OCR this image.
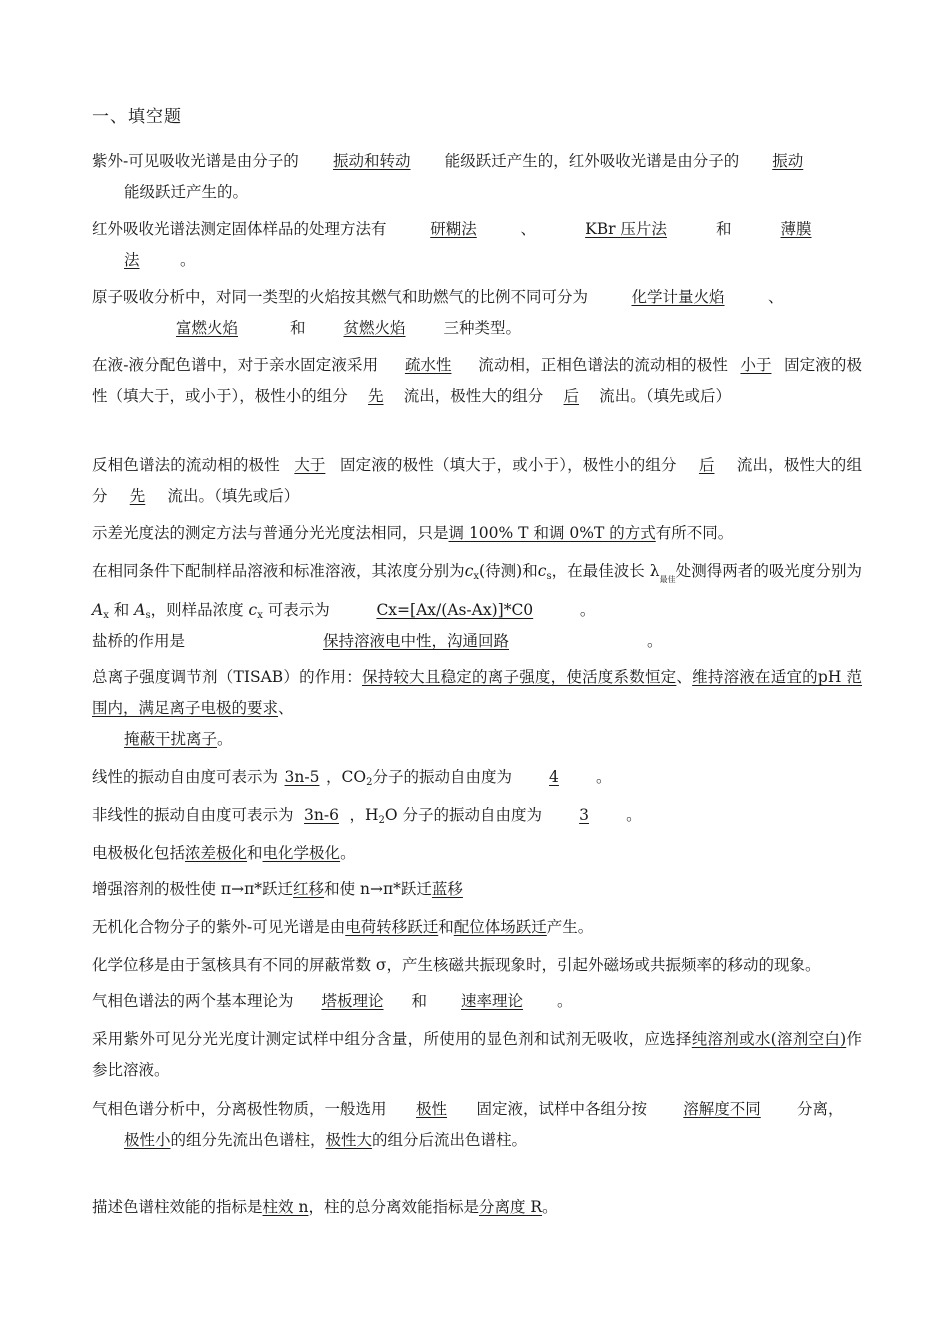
一、填空题
紫外-可见吸收光谱是由分子的 振动和转动 能级跃迁产生的，红外吸收光谱是由分子的 振动
能级跃迁产生的。
红外吸收光谱法测定固体样品的处理方法有	研糊法	、	KBr 压片法	和	薄膜
法	。
原子吸收分析中，对同一类型的火焰按其燃气和助燃气的比例不同可分为	化学计量火焰	、
富燃火焰	和 贫燃火焰 三种类型。
在液-液分配色谱中，对于亲水固定液采用 疏水性 流动相，正相色谱法的流动相的极性 小于 固定液的极性（填大于，或小于），极性小的组分 先 流出，极性大的组分 后 流出。（填先或后）
反相色谱法的流动相的极性 大于 固定液的极性（填大于，或小于），极性小的组分 后 流出，极性大的组分 先 流出。（填先或后）
示差光度法的测定方法与普通分光光度法相同，只是调 100% T 和调 0%T 的方式有所不同。
在相同条件下配制样品溶液和标准溶液，其浓度分别为$c_x$(待测)和$c_s$，在最佳波长 $\lambda_{最佳}$处测得两者的吸光度分别为$A_x$ 和 $A_s$，则样品浓度 $c_x$ 可表示为	Cx=[Ax/(As-Ax)]*C0	。
盐桥的作用是	保持溶液电中性，沟通回路	。
总离子强度调节剂（TISAB）的作用：保持较大且稳定的离子强度，使活度系数恒定、维持溶液在适宜的pH 范围内，满足离子电极的要求、
掩蔽干扰离子。
线性的振动自由度可表示为 3n-5 ，$CO_2$分子的振动自由度为 4 。
非线性的振动自由度可表示为 3n-6 ，$H_2O$ 分子的振动自由度为 3 。
电极极化包括浓差极化和电化学极化。
增强溶剂的极性使 π→π*跃迁红移和使 n→π*跃迁蓝移
无机化合物分子的紫外-可见光谱是由电荷转移跃迁和配位体场跃迁产生。
化学位移是由于氢核具有不同的屏蔽常数 σ，产生核磁共振现象时，引起外磁场或共振频率的移动的现象。
气相色谱法的两个基本理论为 塔板理论 和 速率理论 。
采用紫外可见分光光度计测定试样中组分含量，所使用的显色剂和试剂无吸收，应选择纯溶剂或水(溶剂空白)作参比溶液。
气相色谱分析中，分离极性物质，一般选用 极性 固定液，试样中各组分按 溶解度不同 分离，
极性小的组分先流出色谱柱，极性大的组分后流出色谱柱。
描述色谱柱效能的指标是柱效 n，柱的总分离效能指标是分离度 R。
